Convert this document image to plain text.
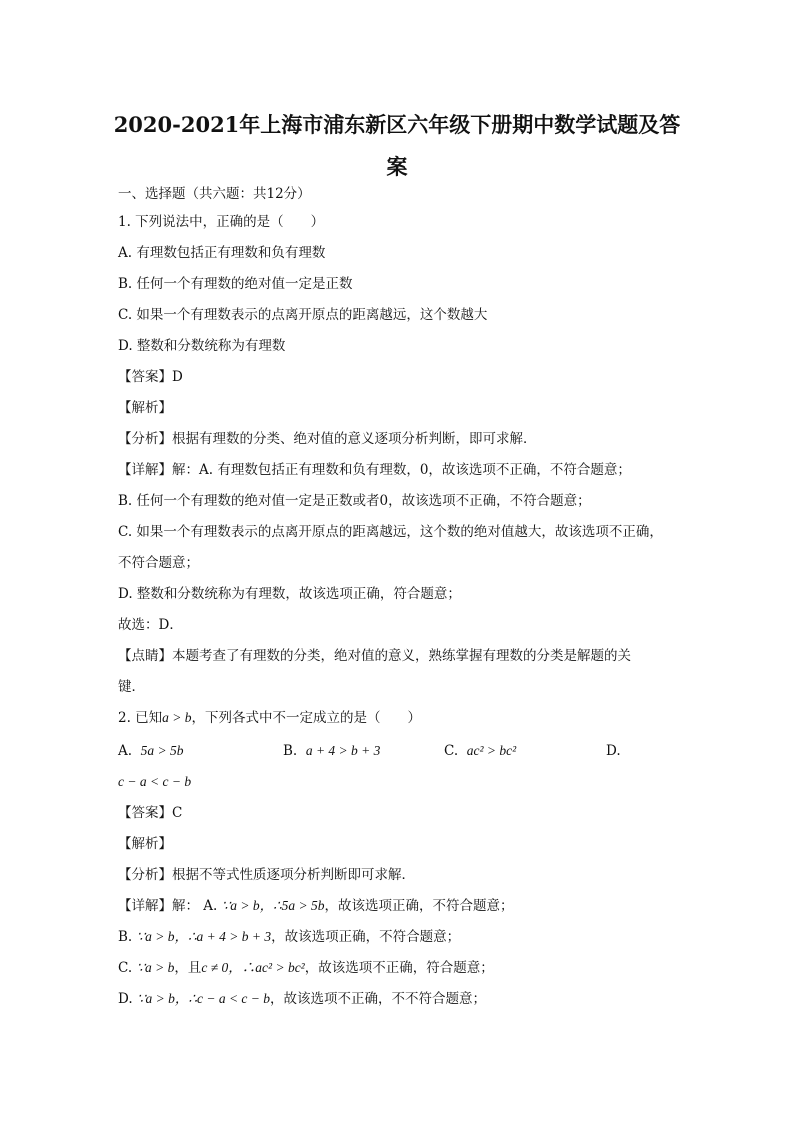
2020-2021年上海市浦东新区六年级下册期中数学试题及答案
一、选择题（共六题：共12分）
1. 下列说法中，正确的是（　　）
A. 有理数包括正有理数和负有理数
B. 任何一个有理数的绝对值一定是正数
C. 如果一个有理数表示的点离开原点的距离越远，这个数越大
D. 整数和分数统称为有理数
【答案】D
【解析】
【分析】根据有理数的分类、绝对值的意义逐项分析判断，即可求解．
【详解】解：A. 有理数包括正有理数和负有理数，0，故该选项不正确，不符合题意；
B. 任何一个有理数的绝对值一定是正数或者0，故该选项不正确，不符合题意；
C. 如果一个有理数表示的点离开原点的距离越远，这个数的绝对值越大，故该选项不正确，
不符合题意；
D. 整数和分数统称为有理数，故该选项正确，符合题意；
故选：D．
【点睛】本题考查了有理数的分类，绝对值的意义，熟练掌握有理数的分类是解题的关
键．
2. 已知a > b，下列各式中不一定成立的是（　　）
A. 5a > 5b	B. a + 4 > b + 3	C. ac² > bc²	D.
c − a < c − b
【答案】C
【解析】
【分析】根据不等式性质逐项分析判断即可求解．
【详解】解： A. ∵a > b，∴5a > 5b，故该选项正确，不符合题意；
B. ∵a > b，∴a + 4 > b + 3，故该选项正确，不符合题意；
C. ∵a > b，且c ≠ 0，∴ac² > bc²，故该选项不正确，符合题意；
D. ∵a > b，∴c − a < c − b，故该选项不正确，不不符合题意；
